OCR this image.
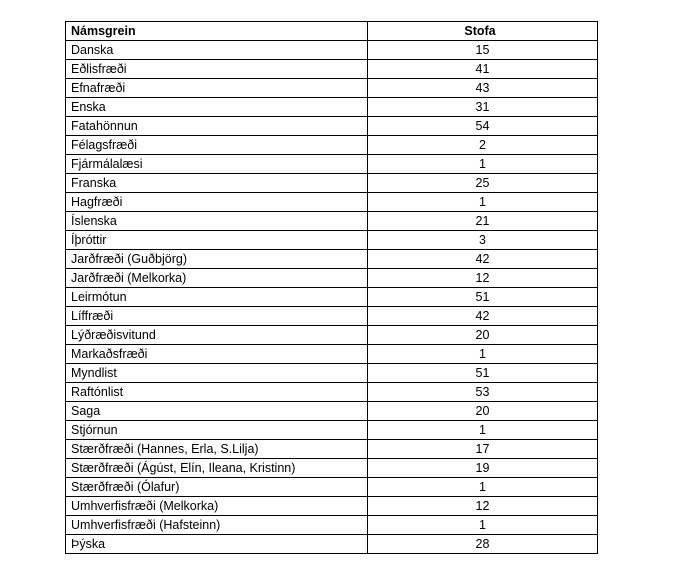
Námsgrein	Stofa
Danska	15
Eðlisfræði	41
Efnafræði	43
Enska	31
Fatahönnun	54
Félagsfræði	2
Fjármálalæsi	1
Franska	25
Hagfræði	1
Íslenska	21
Íþróttir	3
Jarðfræði (Guðbjörg)	42
Jarðfræði (Melkorka)	12
Leirmótun	51
Líffræði	42
Lýðræðisvitund	20
Markaðsfræði	1
Myndlist	51
Raftónlist	53
Saga	20
Stjórnun	1
Stærðfræði (Hannes, Erla, S.Lilja)	17
Stærðfræði (Ágúst, Elín, Ileana, Kristinn)	19
Stærðfræði (Ólafur)	1
Umhverfisfræði (Melkorka)	12
Umhverfisfræði (Hafsteinn)	1
Þýska	28
